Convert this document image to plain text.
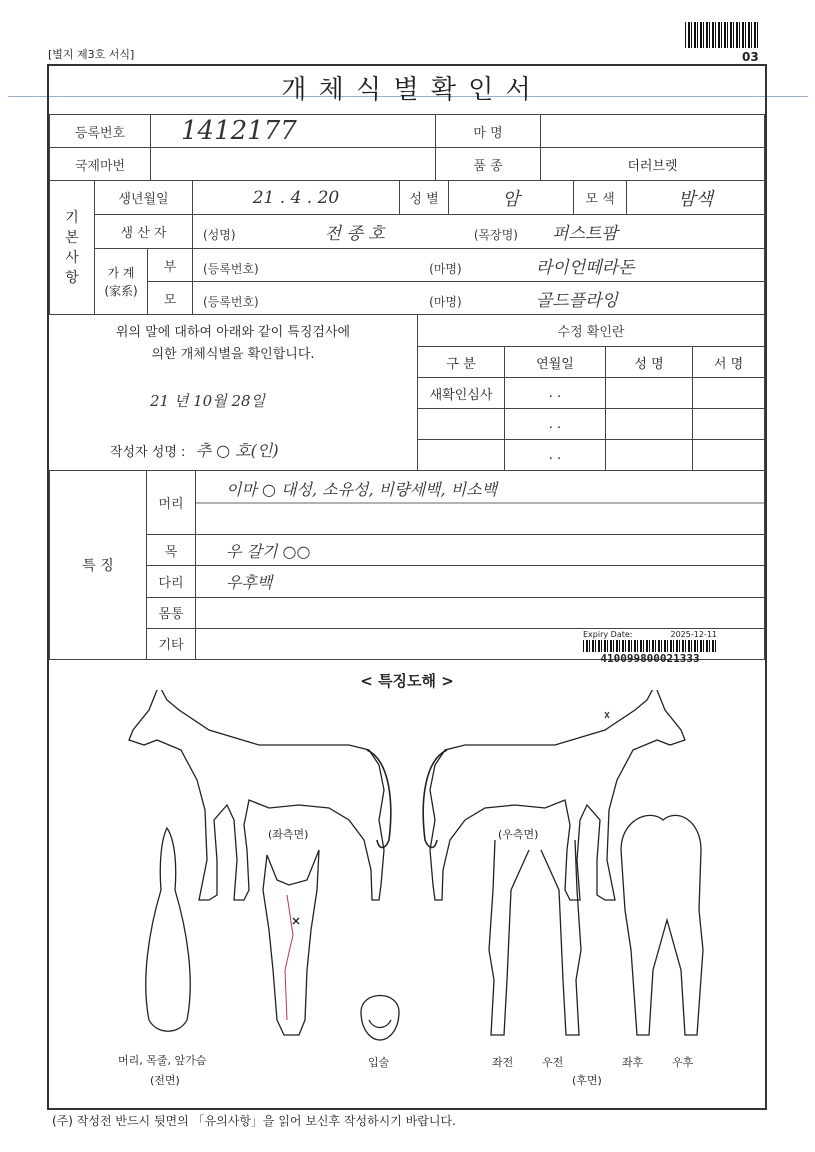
03
[별지 제3호 서식]
개 체 식 별 확 인 서
등록번호	1412177	마 명	
국제마번		품 종	더러브렛
기본사항	생년월일		21 . 4 . 20	성 별	암	모 색	밤색
	생 산 자		(성명) 전 종 호 (목장명) 퍼스트팜				

	가 계
(家系)	부	(등록번호) (마명) 라이언떼라돈				
		모	(등록번호) (마명) 골드플라잉				
위의 말에 대하여 아래와 같이 특징검사에
의한 개체식별을 확인합니다.
21 년 10월 28일
작성자 성명 : 추 ○ 호(인)
수정 확인란			
구 분	연월일	성 명	서 명
새확인심사	. .		
	. .		
	. .		
특 징	머리	이마 ○ 대성, 소유성, 비량세백, 비소백
	목	우 갈기 ○○
	다리	우후백
	몸통	
	기타	
Expiry Date:	2025-12-11
410099800021333
< 특징도해 >
(좌측면)	(우측면)
머리, 목줄, 앞가슴
(전면)
입술	좌전	우전	좌후	우후
(후면)
(주) 작성전 반드시 뒷면의 「유의사항」을 읽어 보신후 작성하시기 바랍니다.
